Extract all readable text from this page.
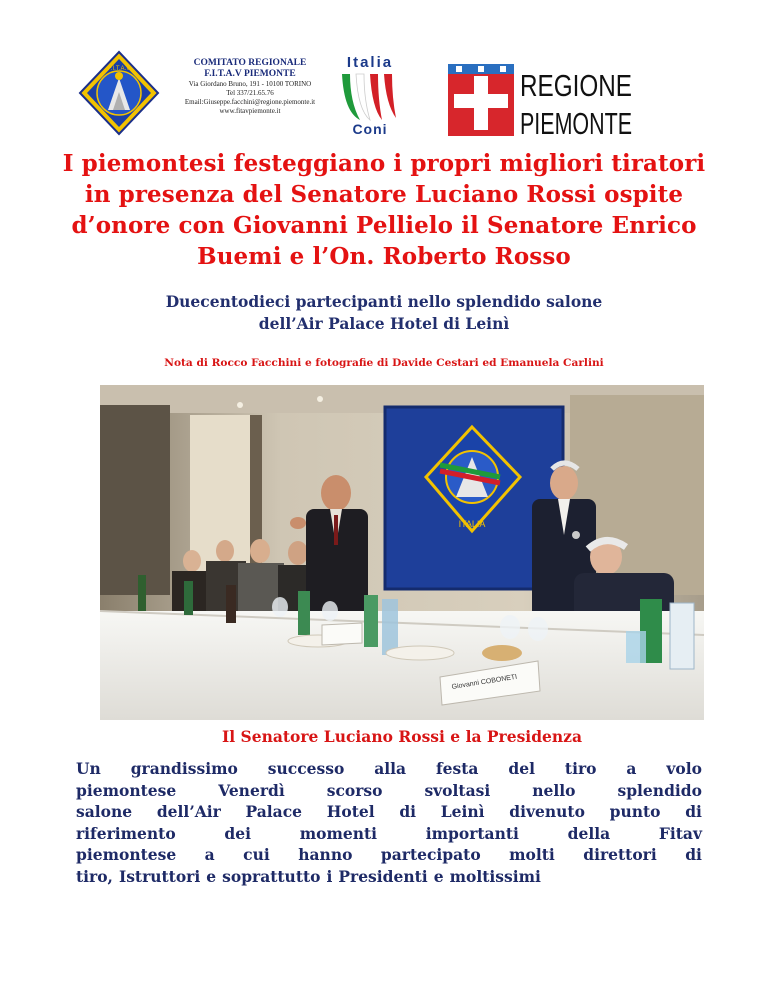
F.I.T.A.V
COMITATO REGIONALE
F.I.T.A.V PIEMONTE
Via Giordano Bruno, 191 - 10100 TORINO
Tel 337/21.65.76
Email:Giuseppe.facchini@regione.piemonte.it
www.fitavpiemonte.it
Italia
Coni
REGIONE
PIEMONTE
I piemontesi festeggiano i propri migliori tiratori in presenza del Senatore Luciano Rossi ospite d’onore con Giovanni Pellielo il Senatore Enrico Buemi e l’On. Roberto Rosso
Duecentodieci partecipanti nello splendido salone
dell’Air Palace Hotel di Leinì

Nota di Rocco Facchini e fotografie di Davide Cestari ed Emanuela Carlini

ITALIA
Giovanni COBONETI

Il Senatore Luciano Rossi e la Presidenza

Un grandissimo successo alla festa del tiro a volo
piemontese	Venerdì	scorso	svoltasi	nello	splendido
salone dell’Air Palace Hotel di Leinì divenuto punto di
riferimento	dei	momenti	importanti	della	Fitav
piemontese a cui hanno partecipato molti direttori di
tiro, Istruttori e soprattutto i Presidenti e moltissimi
